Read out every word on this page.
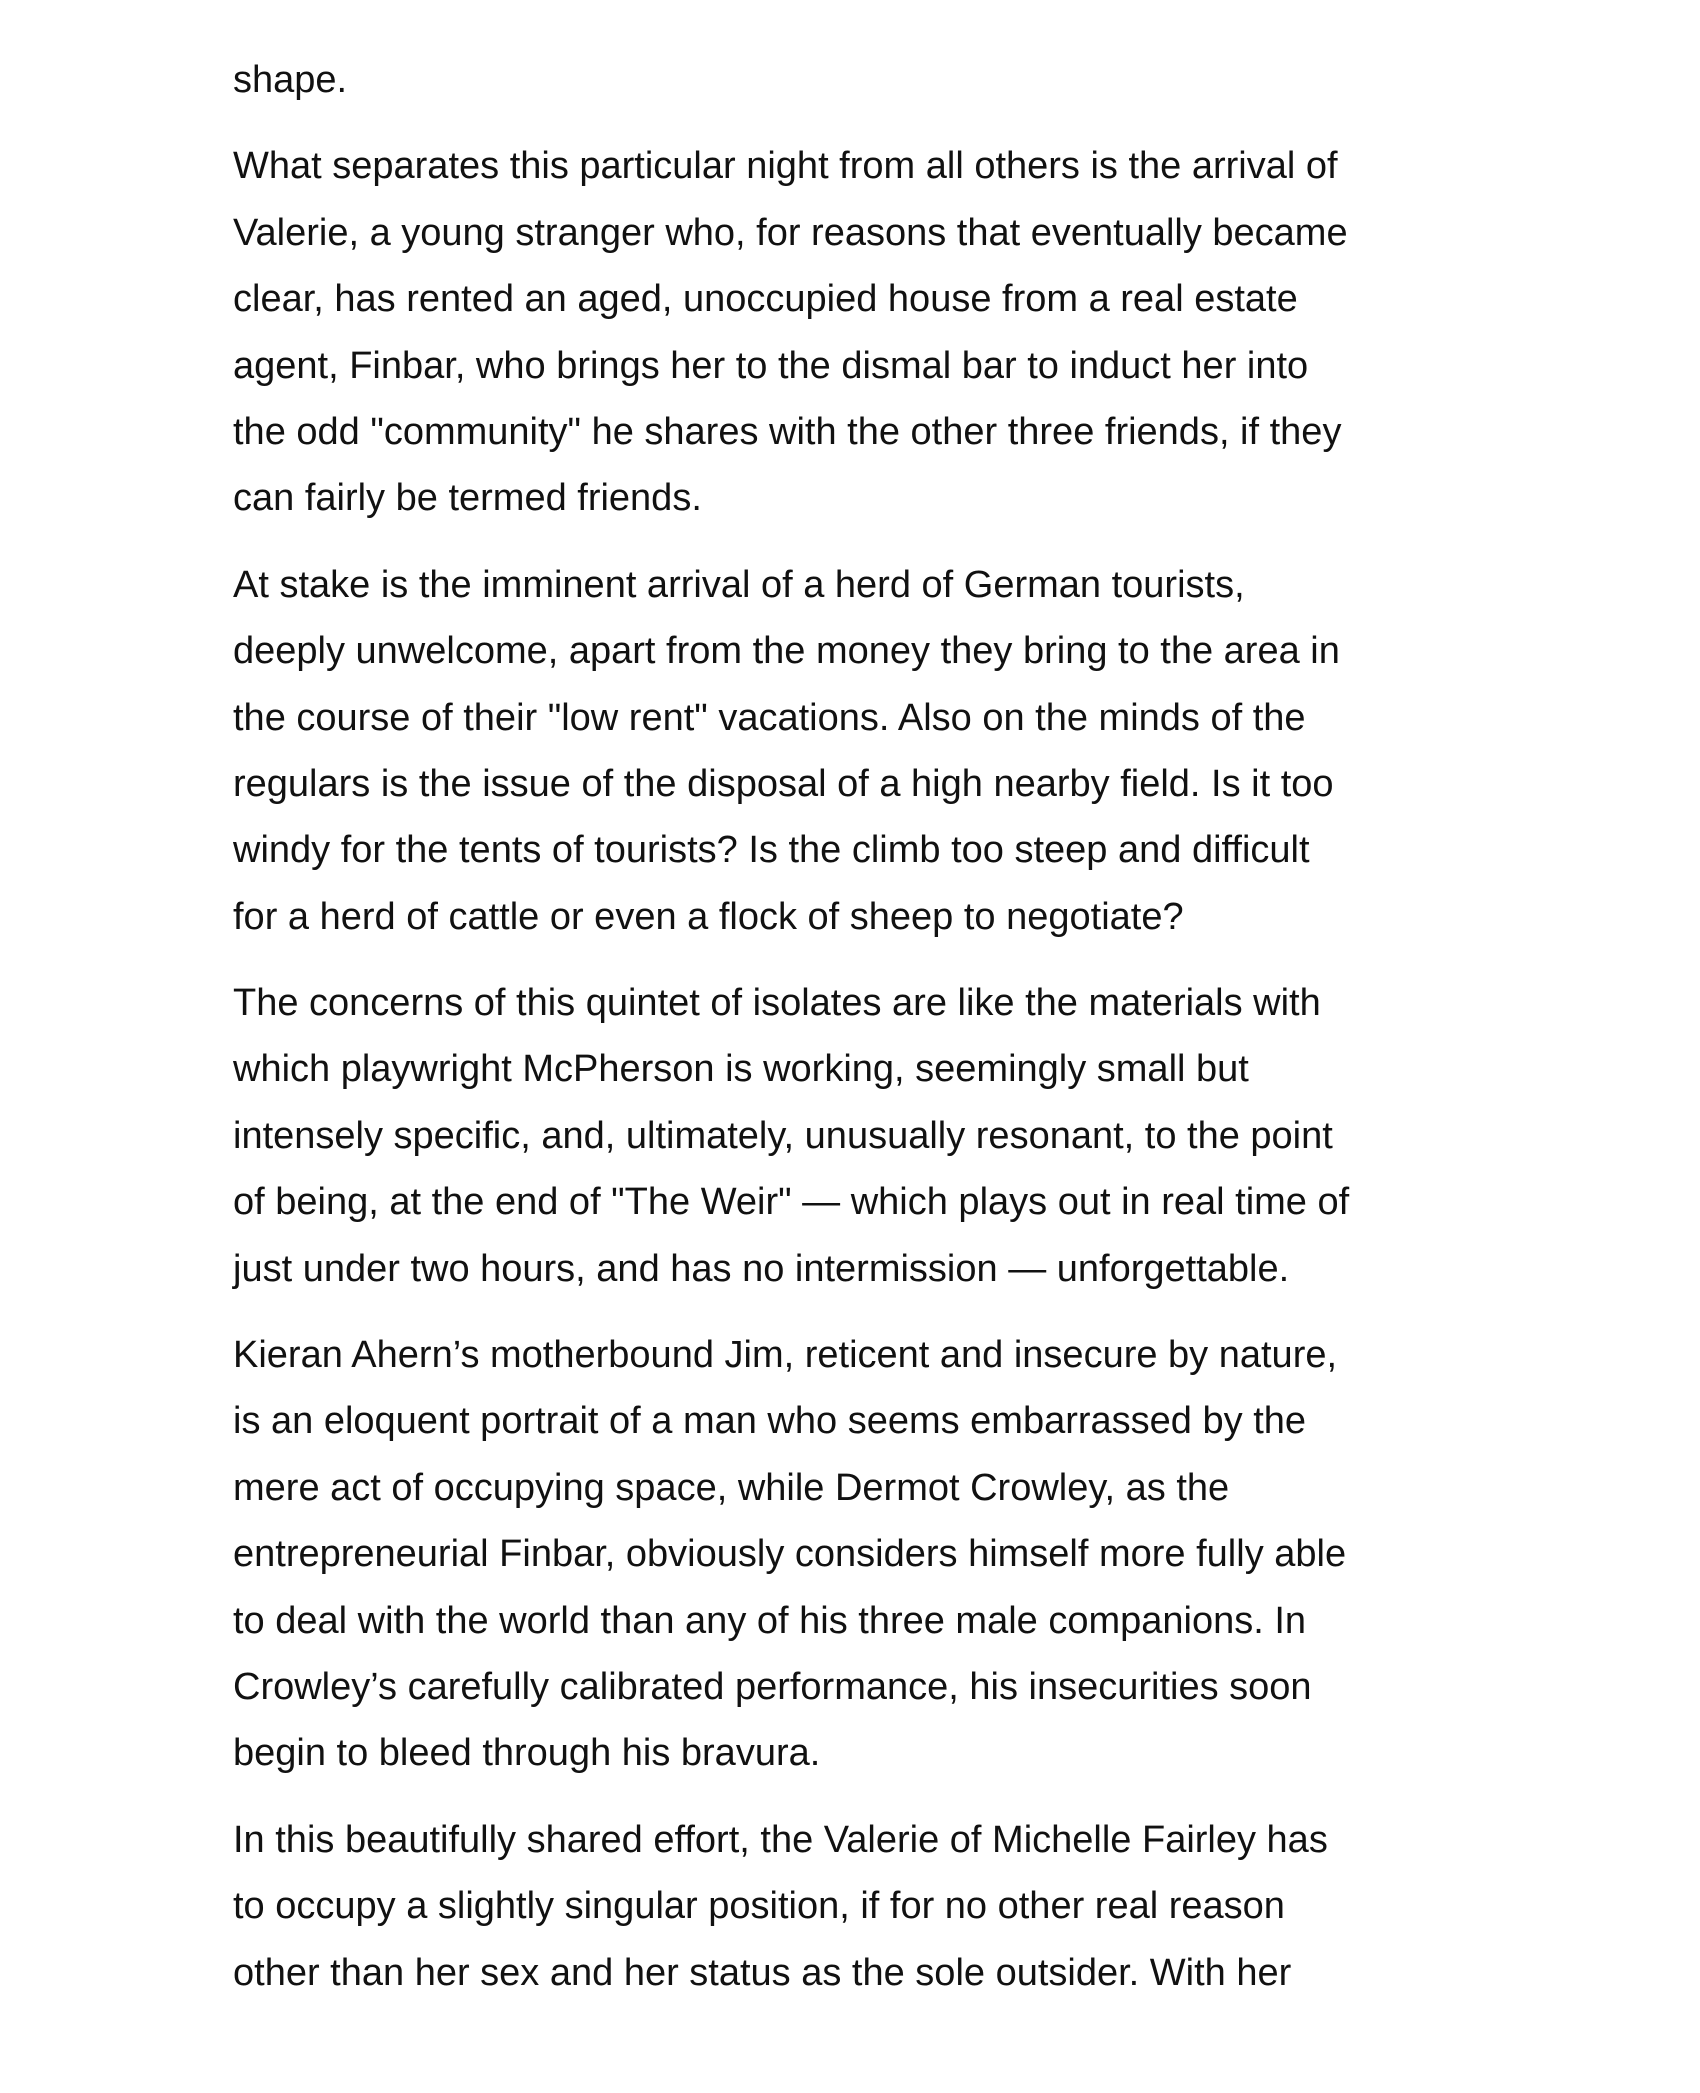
shape.
What separates this particular night from all others is the arrival of
Valerie, a young stranger who, for reasons that eventually became
clear, has rented an aged, unoccupied house from a real estate
agent, Finbar, who brings her to the dismal bar to induct her into
the odd "community" he shares with the other three friends, if they
can fairly be termed friends.
At stake is the imminent arrival of a herd of German tourists,
deeply unwelcome, apart from the money they bring to the area in
the course of their "low rent" vacations. Also on the minds of the
regulars is the issue of the disposal of a high nearby field. Is it too
windy for the tents of tourists? Is the climb too steep and difficult
for a herd of cattle or even a flock of sheep to negotiate?
The concerns of this quintet of isolates are like the materials with
which playwright McPherson is working, seemingly small but
intensely specific, and, ultimately, unusually resonant, to the point
of being, at the end of "The Weir" — which plays out in real time of
just under two hours, and has no intermission — unforgettable.
Kieran Ahern’s motherbound Jim, reticent and insecure by nature,
is an eloquent portrait of a man who seems embarrassed by the
mere act of occupying space, while Dermot Crowley, as the
entrepreneurial Finbar, obviously considers himself more fully able
to deal with the world than any of his three male companions. In
Crowley’s carefully calibrated performance, his insecurities soon
begin to bleed through his bravura.
In this beautifully shared effort, the Valerie of Michelle Fairley has
to occupy a slightly singular position, if for no other real reason
other than her sex and her status as the sole outsider. With her
